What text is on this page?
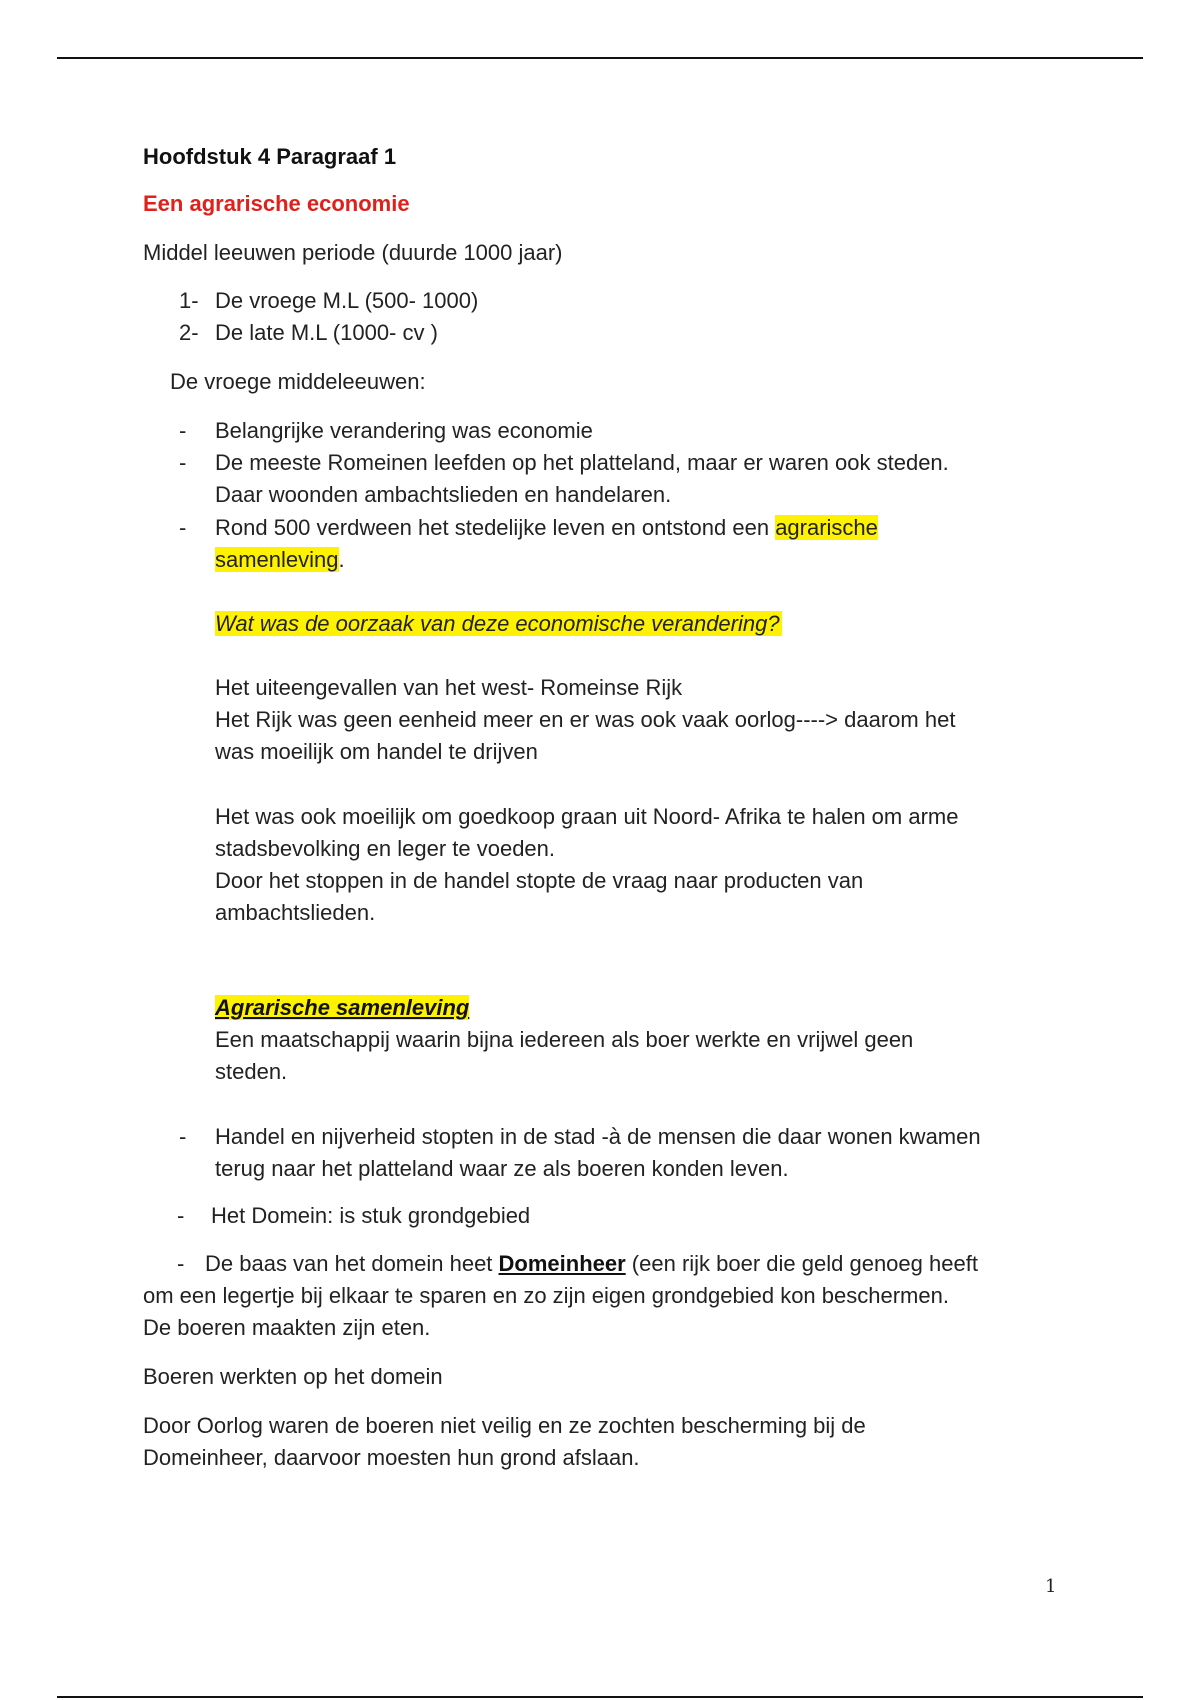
Hoofdstuk 4 Paragraaf 1
Een agrarische economie
Middel leeuwen periode (duurde 1000 jaar)
1- De vroege M.L (500- 1000)
2- De late M.L (1000- cv )
De vroege middeleeuwen:
- Belangrijke verandering was economie
- De meeste Romeinen leefden op het platteland, maar er waren ook steden.
Daar woonden ambachtslieden en handelaren.
- Rond 500 verdween het stedelijke leven en ontstond een agrarische
samenleving.
Wat was de oorzaak van deze economische verandering?
Het uiteengevallen van het west- Romeinse Rijk
Het Rijk was geen eenheid meer en er was ook vaak oorlog----> daarom het
was moeilijk om handel te drijven
Het was ook moeilijk om goedkoop graan uit Noord- Afrika te halen om arme
stadsbevolking en leger te voeden.
Door het stoppen in de handel stopte de vraag naar producten van
ambachtslieden.
Agrarische samenleving
Een maatschappij waarin bijna iedereen als boer werkte en vrijwel geen
steden.
- Handel en nijverheid stopten in de stad -à de mensen die daar wonen kwamen
terug naar het platteland waar ze als boeren konden leven.
- Het Domein: is stuk grondgebied
- De baas van het domein heet Domeinheer (een rijk boer die geld genoeg heeft
om een legertje bij elkaar te sparen en zo zijn eigen grondgebied kon beschermen.
De boeren maakten zijn eten.
Boeren werkten op het domein
Door Oorlog waren de boeren niet veilig en ze zochten bescherming bij de
Domeinheer, daarvoor moesten hun grond afslaan.
1
